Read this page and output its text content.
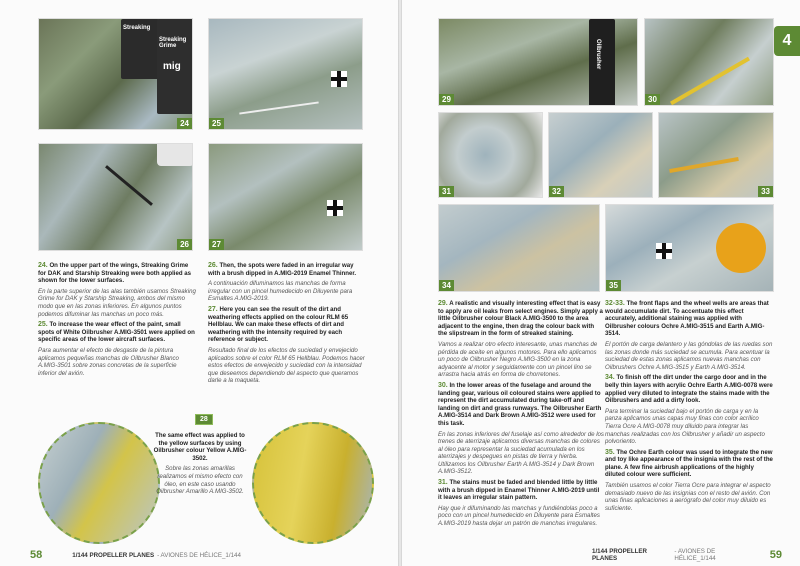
Streaking
Streaking Grime
mig
24	25
26	27

24. On the upper part of the wings, Streaking Grime for DAK and Starship Streaking were both applied as shown for the lower surfaces.

En la parte superior de las alas también usamos Streaking Grime for DAK y Starship Streaking, ambos del mismo modo que en las zonas inferiores. En algunos puntos podemos difuminar las manchas un poco más.

25. To increase the wear effect of the paint, small spots of White Oilbrusher A.MIG-3501 were applied on specific areas of the lower aircraft surfaces.

Para aumentar el efecto de desgaste de la pintura aplicamos pequeñas manchas de Oilbrusher Blanco A.MIG-3501 sobre zonas concretas de la superficie inferior del avión.

26. Then, the spots were faded in an irregular way with a brush dipped in A.MIG-2019 Enamel Thinner.

A continuación difuminamos las manchas de forma irregular con un pincel humedecido en Diluyente para Esmaltes A.MIG-2019.

27. Here you can see the result of the dirt and weathering effects applied on the colour RLM 65 Hellblau. We can make these effects of dirt and weathering with the intensity required by each reference or subject.

Resultado final de los efectos de suciedad y envejecido aplicados sobre el color RLM 65 Hellblau. Podemos hacer estos efectos de envejecido y suciedad con la intensidad que deseemos dependiendo del aspecto que queramos darle a la maqueta.

28

The same effect was applied to the yellow surfaces by using Oilbrusher colour Yellow A.MIG-3502.

Sobre las zonas amarillas realizamos el mismo efecto con óleo, en este caso usando Oilbrusher Amarillo A.MIG-3502.

58	1/144 PROPELLER PLANES - AVIONES DE HÉLICE_1/144
4
Oilbrusher
29	30
31	32	33
34	35

29. A realistic and visually interesting effect that is easy to apply are oil leaks from select engines. Simply apply a little Oilbrusher colour Black A.MIG-3500 to the area adjacent to the engine, then drag the colour back with the slipstream in the form of streaked staining.

Vamos a realizar otro efecto interesante, unas manchas de pérdida de aceite en algunos motores. Para ello aplicamos un poco de Oilbrusher Negro A.MIG-3500 en la zona adyacente al motor y seguidamente con un pincel lino se arrastra hacia atrás en forma de chorretones.

30. In the lower areas of the fuselage and around the landing gear, various oil coloured stains were applied to represent the dirt accumulated during take-off and landing on dirt and grass runways. The Oilbrusher Earth A.MIG-3514 and Dark Brown A.MIG-3512 were used for this task.

En las zonas inferiores del fuselaje así como alrededor de los trenes de aterrizaje aplicamos diversas manchas de colores al óleo para representar la suciedad acumulada en los aterrizajes y despegues en pistas de tierra y hierba. Utilizamos los Oilbrusher Earth A.MIG-3514 y Dark Brown A.MIG-3512.

31. The stains must be faded and blended little by little with a brush dipped in Enamel Thinner A.MIG-2019 until it leaves an irregular stain pattern.

Hay que ir difuminando las manchas y fundiéndolas poco a poco con un pincel humedecido en Diluyente para Esmaltes A.MIG-2019 hasta dejar un patrón de manchas irregulares.

32-33. The front flaps and the wheel wells are areas that would accumulate dirt. To accentuate this effect accurately, additional staining was applied with Oilbrusher colours Ochre A.MIG-3515 and Earth A.MIG-3514.

El portón de carga delantero y las góndolas de las ruedas son las zonas donde más suciedad se acumula. Para acentuar la suciedad de estas zonas aplicamos nuevas manchas con Oilbrushers Ochre A.MIG-3515 y Earth A.MIG-3514.

34. To finish off the dirt under the cargo door and in the belly thin layers with acrylic Ochre Earth A.MIG-0078 were applied very diluted to integrate the stains made with the Oilbrushers and add a dirty look.

Para terminar la suciedad bajo el portón de carga y en la panza aplicamos unas capas muy finas con color acrílico Tierra Ocre A.MIG-0078 muy diluido para integrar las manchas realizadas con los Oilbrusher y añadir un aspecto polvoriento.

35. The Ochre Earth colour was used to integrate the new and toy like appearance of the insignia with the rest of the plane. A few fine airbrush applications of the highly diluted colour were sufficient.

También usamos el color Tierra Ocre para integrar el aspecto demasiado nuevo de las insignias con el resto del avión. Con unas finas aplicaciones a aerógrafo del color muy diluido es suficiente.

1/144 PROPELLER PLANES
- AVIONES DE HÉLICE_1/144	59
